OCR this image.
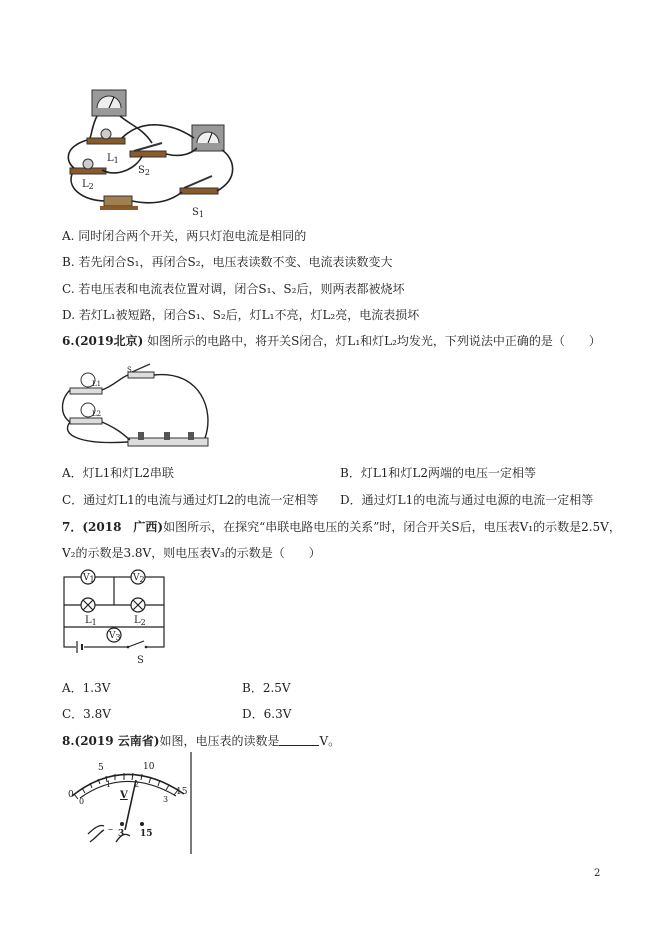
$L_1$
$S_2$
$L_2$
$S_1$
A. 同时闭合两个开关，两只灯泡电流是相同的
B. 若先闭合S₁，再闭合S₂，电压表读数不变、电流表读数变大
C. 若电压表和电流表位置对调，闭合S₁、S₂后，则两表都被烧坏
D. 若灯L₁被短路，闭合S₁、S₂后，灯L₁不亮，灯L₂亮，电流表损坏
6.(2019北京) 如图所示的电路中，将开关S闭合，灯L₁和灯L₂均发光，下列说法中正确的是（　　）
S
L1
L2
A．灯L1和灯L2串联	B．灯L1和灯L2两端的电压一定相等
C．通过灯L1的电流与通过灯L2的电流一定相等 D．通过灯L1的电流与通过电源的电流一定相等
7．(2018　广西)如图所示，在探究“串联电路电压的关系”时，闭合开关S后，电压表V₁的示数是2.5V，
V₂的示数是3.8V，则电压表V₃的示数是（　　）
$V_1$	$V_2$
$L_1$	$L_2$
$V_3$
S
A．1.3V	B．2.5V
C．3.8V	D．6.3V
8.(2019 云南省)如图，电压表的读数是	V。
0
5	10
15
0
1	2
3
V
– 3 15
2
